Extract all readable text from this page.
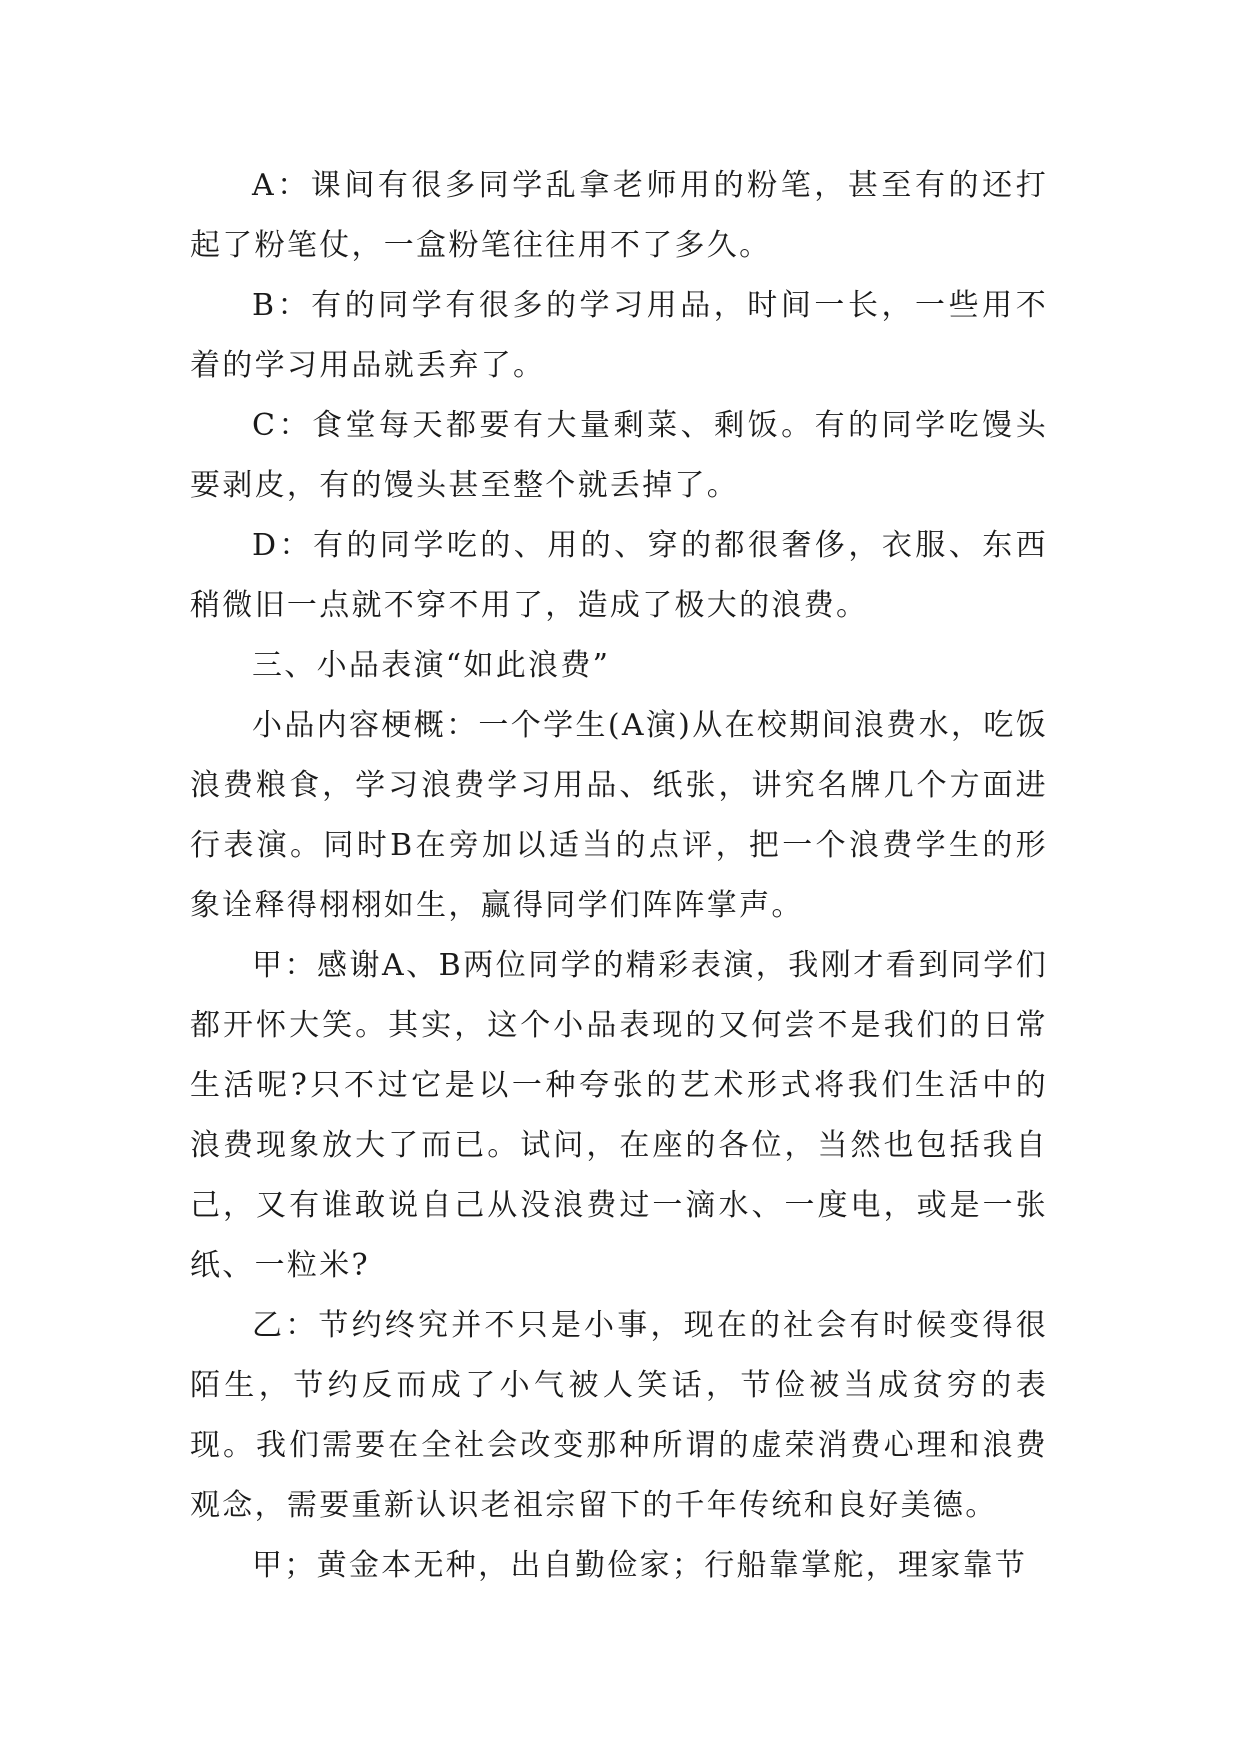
A：课间有很多同学乱拿老师用的粉笔，甚至有的还打起了粉笔仗，一盒粉笔往往用不了多久。

B：有的同学有很多的学习用品，时间一长，一些用不着的学习用品就丢弃了。

C：食堂每天都要有大量剩菜、剩饭。有的同学吃馒头要剥皮，有的馒头甚至整个就丢掉了。

D：有的同学吃的、用的、穿的都很奢侈，衣服、东西稍微旧一点就不穿不用了，造成了极大的浪费。

三、小品表演“如此浪费”

小品内容梗概：一个学生(A演)从在校期间浪费水，吃饭浪费粮食，学习浪费学习用品、纸张，讲究名牌几个方面进行表演。同时B在旁加以适当的点评，把一个浪费学生的形象诠释得栩栩如生，赢得同学们阵阵掌声。

甲：感谢A、B两位同学的精彩表演，我刚才看到同学们都开怀大笑。其实，这个小品表现的又何尝不是我们的日常生活呢?只不过它是以一种夸张的艺术形式将我们生活中的浪费现象放大了而已。试问，在座的各位，当然也包括我自己，又有谁敢说自己从没浪费过一滴水、一度电，或是一张纸、一粒米?

乙：节约终究并不只是小事，现在的社会有时候变得很陌生，节约反而成了小气被人笑话，节俭被当成贫穷的表现。我们需要在全社会改变那种所谓的虚荣消费心理和浪费观念，需要重新认识老祖宗留下的千年传统和良好美德。

甲；黄金本无种，出自勤俭家；行船靠掌舵，理家靠节
